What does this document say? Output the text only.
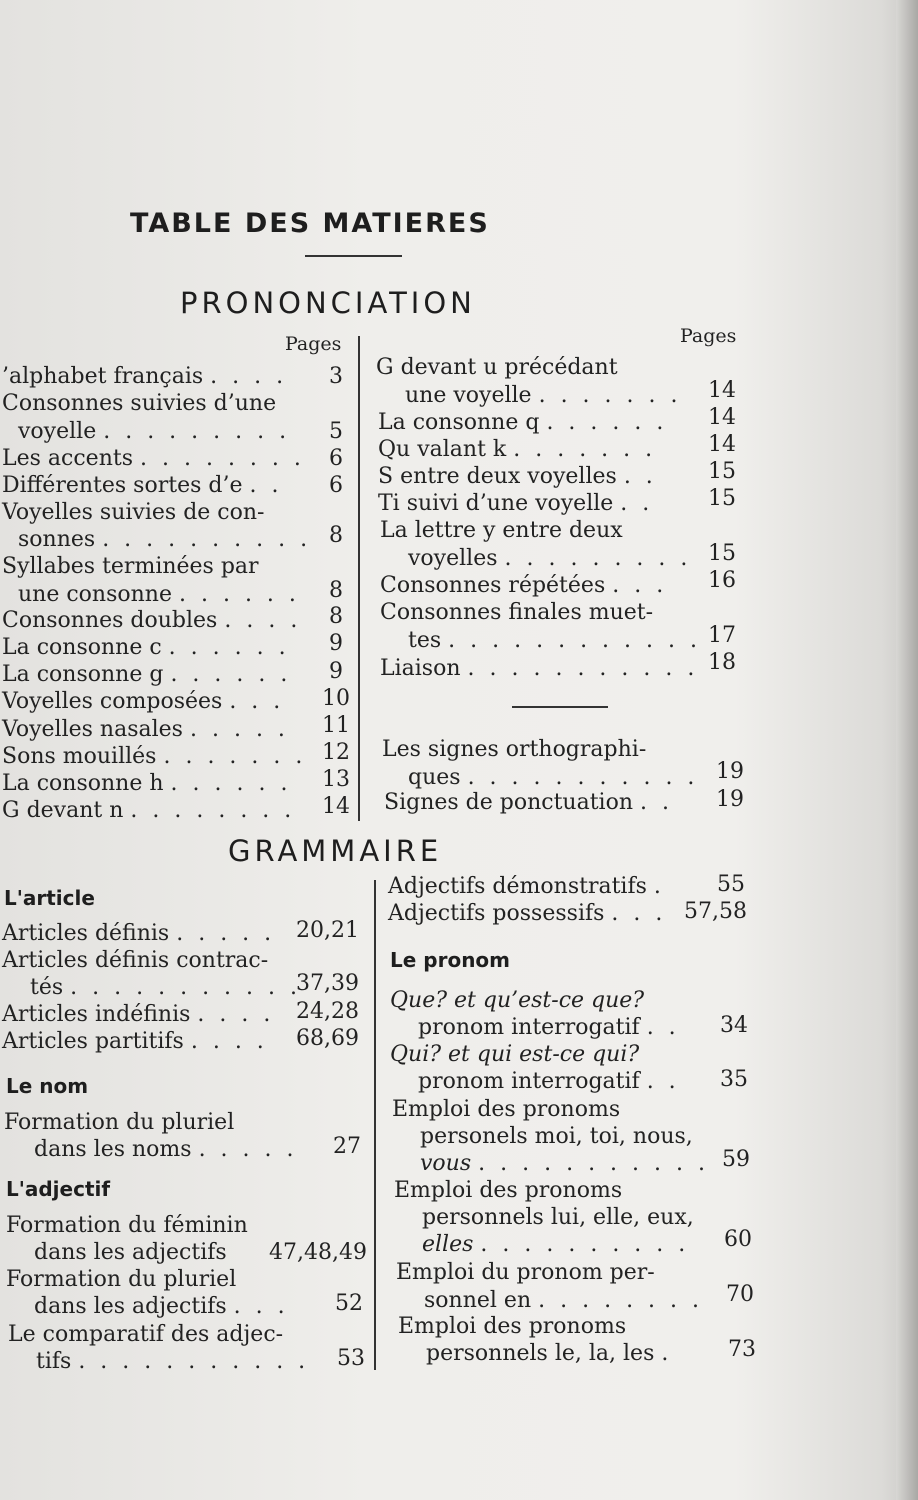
TABLE DES MATIERES
PRONONCIATION
Pages	Pages
’alphabet français . . . . 3
Consonnes suivies d’une
voyelle . . . . . . . . . 5
Les accents . . . . . . . . 6
Différentes sortes d’e . . 6
Voyelles suivies de con-
sonnes . . . . . . . . . . 8
Syllabes terminées par
une consonne . . . . . . 8
Consonnes doubles . . . . 8
La consonne c . . . . . . 9
La consonne g . . . . . . 9
Voyelles composées . . . 10
Voyelles nasales . . . . . 11
Sons mouillés . . . . . . . 12
La consonne h . . . . . . 13
G devant n . . . . . . . . 14
G devant u précédant
une voyelle . . . . . . . 14
La consonne q . . . . . . 14
Qu valant k . . . . . . . 14
S entre deux voyelles . . 15
Ti suivi d’une voyelle . . 15
La lettre y entre deux
voyelles . . . . . . . . . 15
Consonnes répétées . . . 16
Consonnes finales muet-
tes . . . . . . . . . . . . 17
Liaison . . . . . . . . . . . 18
Les signes orthographi-
ques . . . . . . . . . . . 19
Signes de ponctuation . . 19
GRAMMAIRE
L'article
Articles définis . . . . . 20,21
Articles définis contrac-
tés . . . . . . . . . . .
37,39
Articles indéfinis . . . . 24,28
Articles partitifs . . . . 68,69
Le nom
Formation du pluriel
dans les noms . . . . . 27
L'adjectif
Formation du féminin
dans les adjectifs 47,48,49
Formation du pluriel
dans les adjectifs . . . 52
Le comparatif des adjec-
tifs . . . . . . . . . . . 53
Adjectifs démonstratifs . 55
Adjectifs possessifs . . . 57,58
Le pronom
Que? et qu’est-ce que?
pronom interrogatif . . 34
Qui? et qui est-ce qui?
pronom interrogatif . . 35
Emploi des pronoms
personels moi, toi, nous,
vous . . . . . . . . . . . 59
Emploi des pronoms
personnels lui, elle, eux,
elles . . . . . . . . . . 60
Emploi du pronom per-
sonnel en . . . . . . . . 70
Emploi des pronoms
personnels le, la, les .	73
